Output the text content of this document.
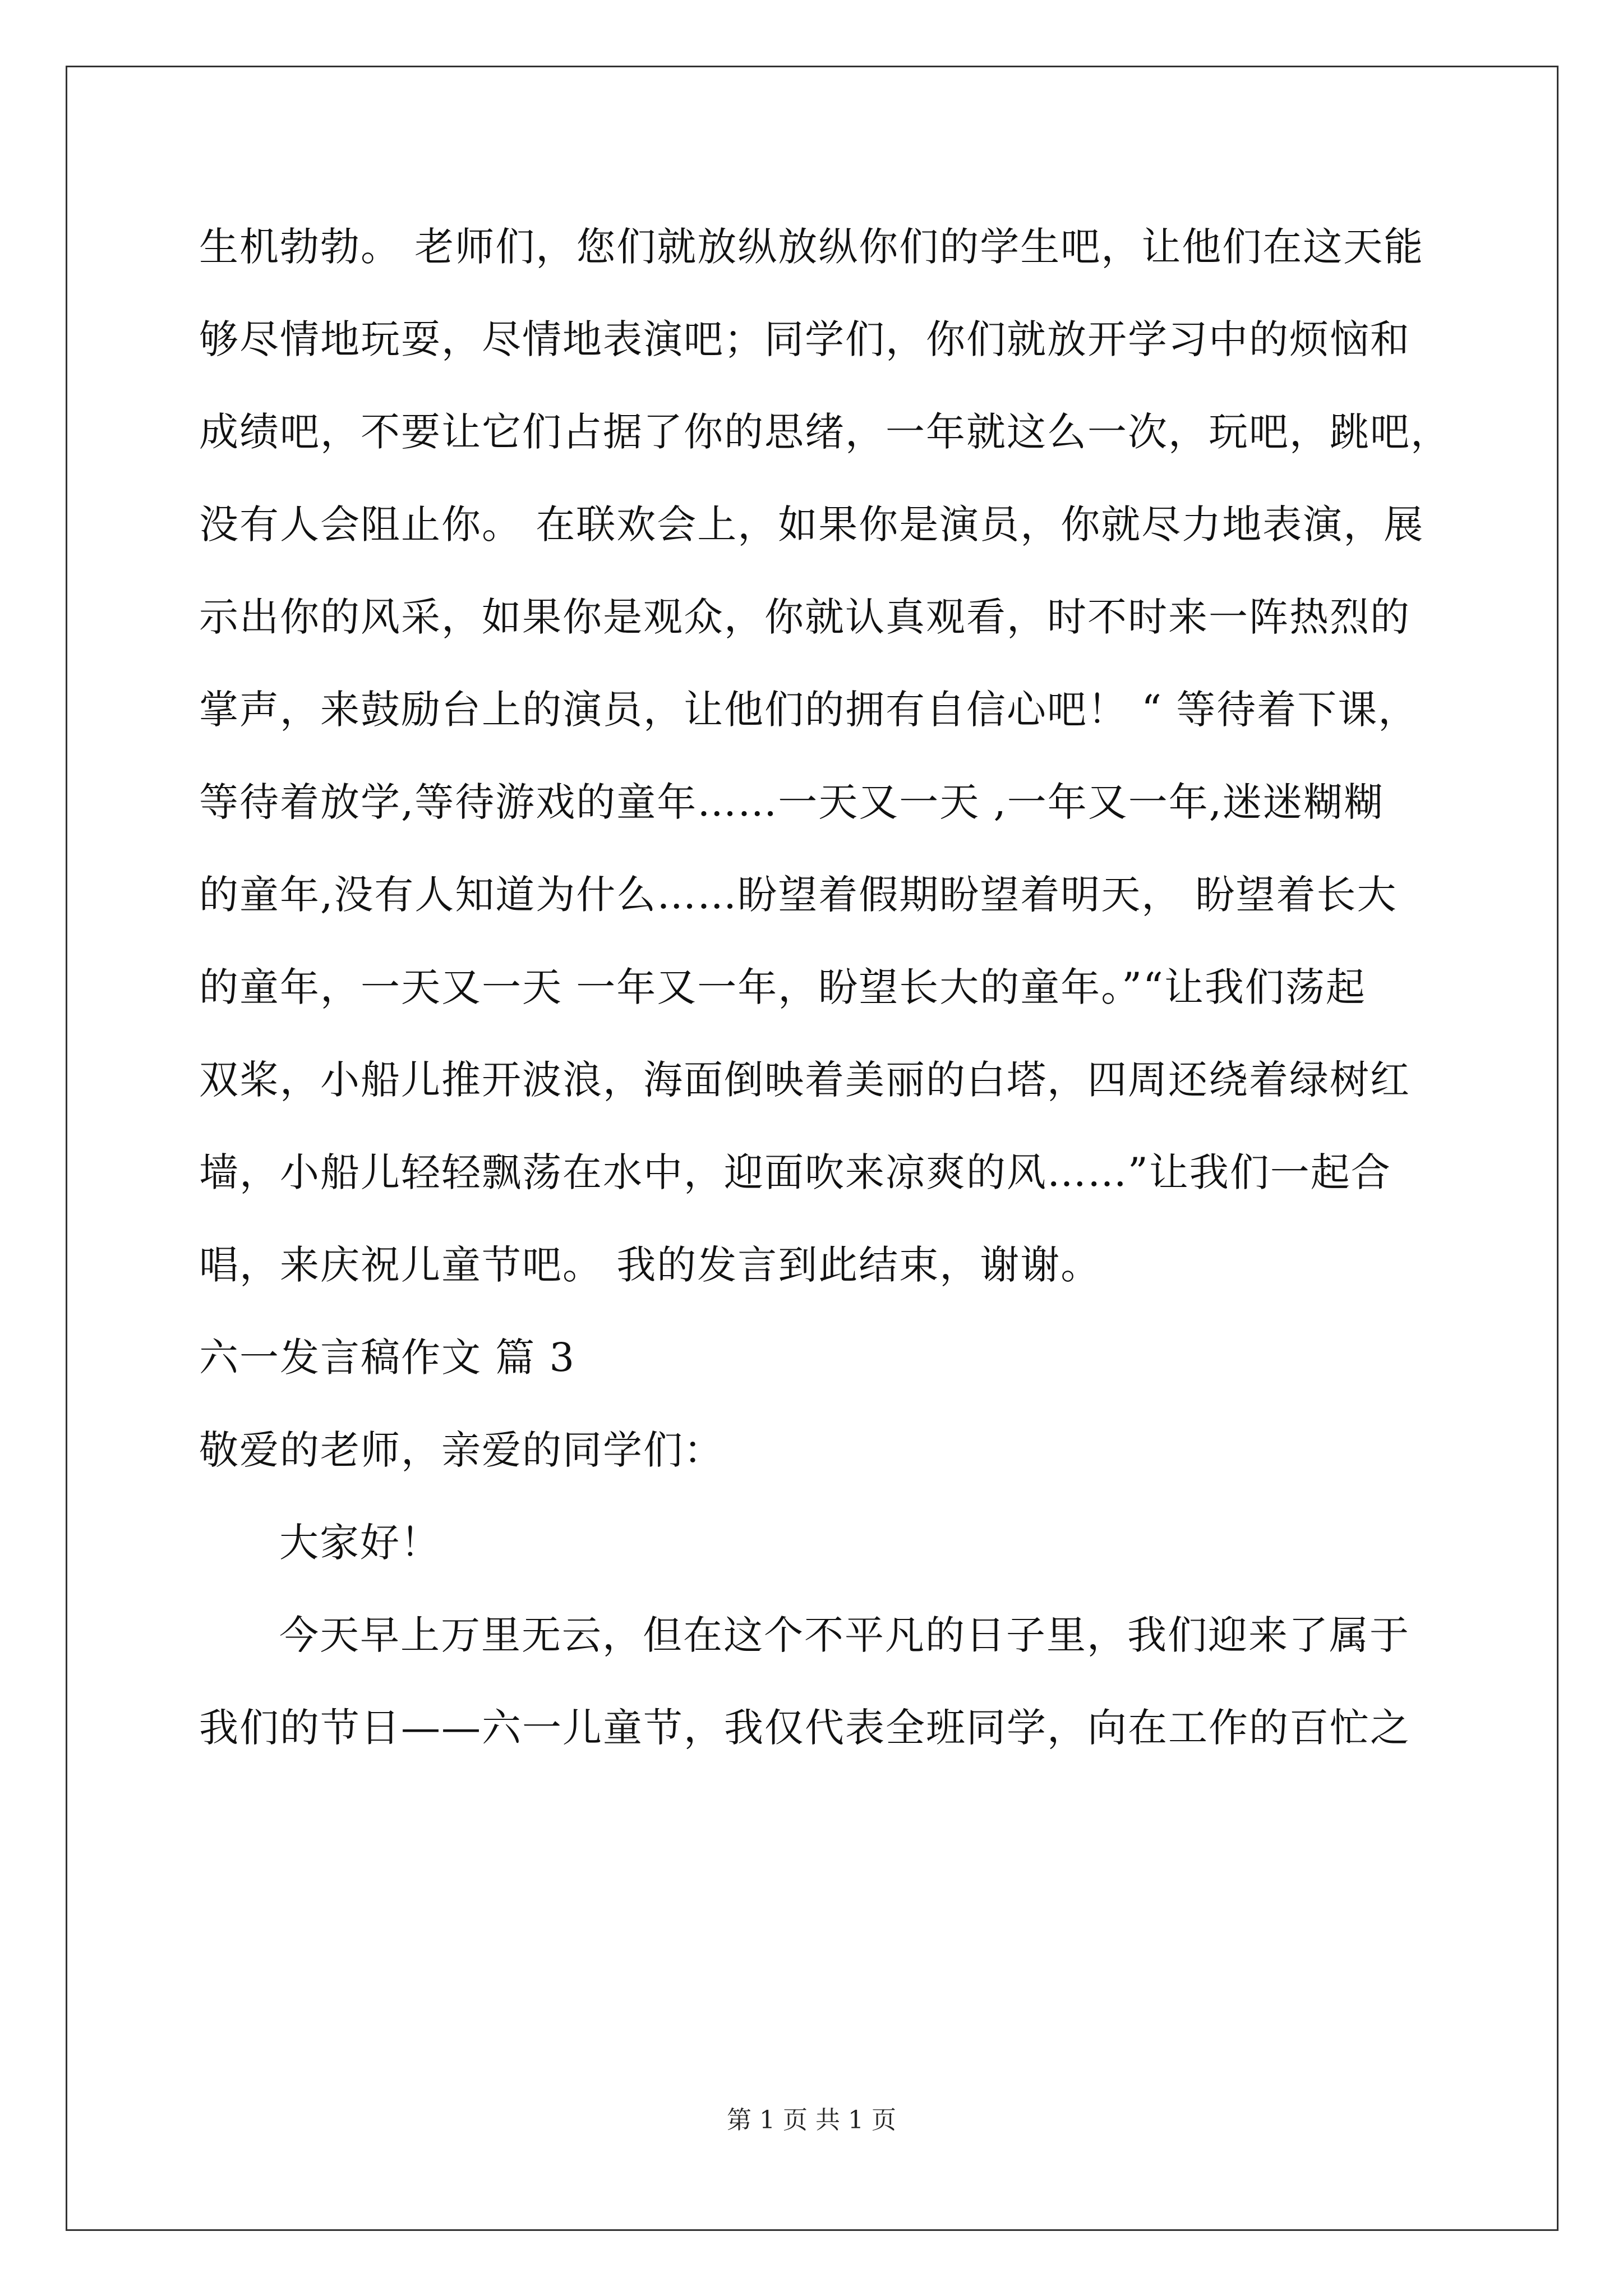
生机勃勃。 老师们，您们就放纵放纵你们的学生吧，让他们在这天能
够尽情地玩耍，尽情地表演吧；同学们，你们就放开学习中的烦恼和
成绩吧，不要让它们占据了你的思绪，一年就这么一次，玩吧，跳吧，
没有人会阻止你。 在联欢会上，如果你是演员，你就尽力地表演，展
示出你的风采，如果你是观众，你就认真观看，时不时来一阵热烈的
掌声，来鼓励台上的演员，让他们的拥有自信心吧！ “ 等待着下课，
等待着放学,等待游戏的童年……一天又一天 ,一年又一年,迷迷糊糊
的童年,没有人知道为什么……盼望着假期盼望着明天， 盼望着长大
的童年，一天又一天 一年又一年，盼望长大的童年。”“让我们荡起
双桨，小船儿推开波浪，海面倒映着美丽的白塔，四周还绕着绿树红
墙，小船儿轻轻飘荡在水中，迎面吹来凉爽的风……”让我们一起合
唱，来庆祝儿童节吧。 我的发言到此结束，谢谢。
六一发言稿作文 篇 3
敬爱的老师，亲爱的同学们：
大家好！
今天早上万里无云，但在这个不平凡的日子里，我们迎来了属于
我们的节日——六一儿童节，我仅代表全班同学，向在工作的百忙之
第 1 页 共 1 页
